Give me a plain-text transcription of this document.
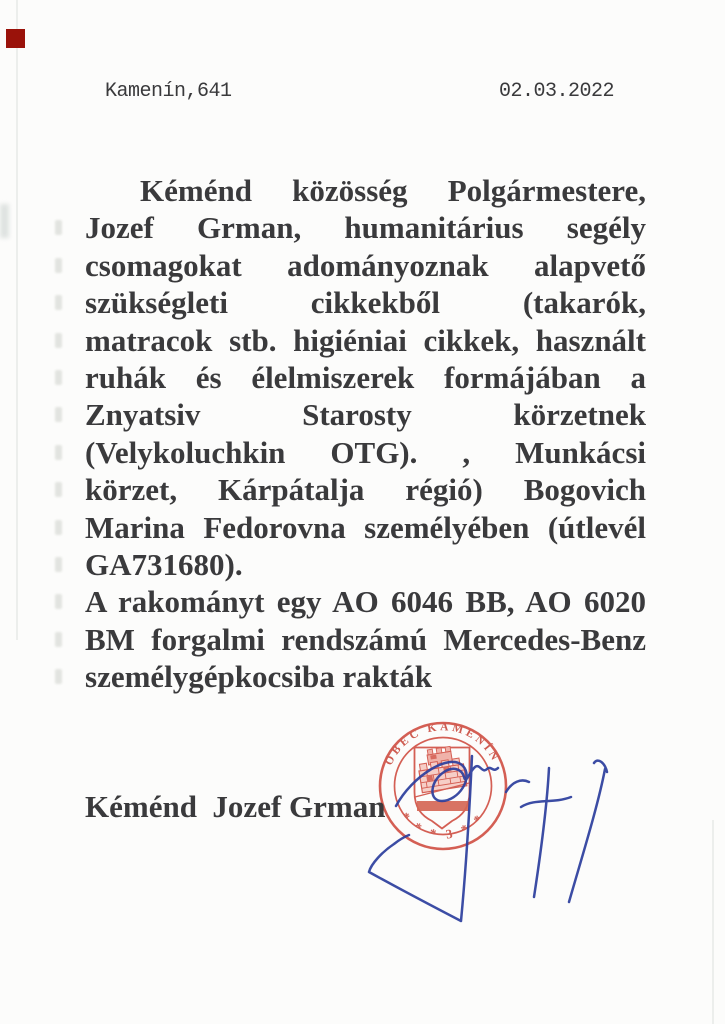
Kamenín,641	02.03.2022
Kéménd közösség Polgármestere,
Jozef Grman, humanitárius segély
csomagokat adományoznak alapvető
szükségleti cikkekből (takarók,
matracok stb. higiéniai cikkek, használt
ruhák és élelmiszerek formájában a
Znyatsiv Starosty körzetnek
(Velykoluchkin OTG). , Munkácsi
körzet, Kárpátalja régió) Bogovich
Marina Fedorovna személyében (útlevél
GA731680).
A rakományt egy AO 6046 BB, AO 6020
BM forgalmi rendszámú Mercedes-Benz
személygépkocsiba rakták
Kéménd  Jozef Grman
OBEC KAMENÍN
* * * 3 * *
